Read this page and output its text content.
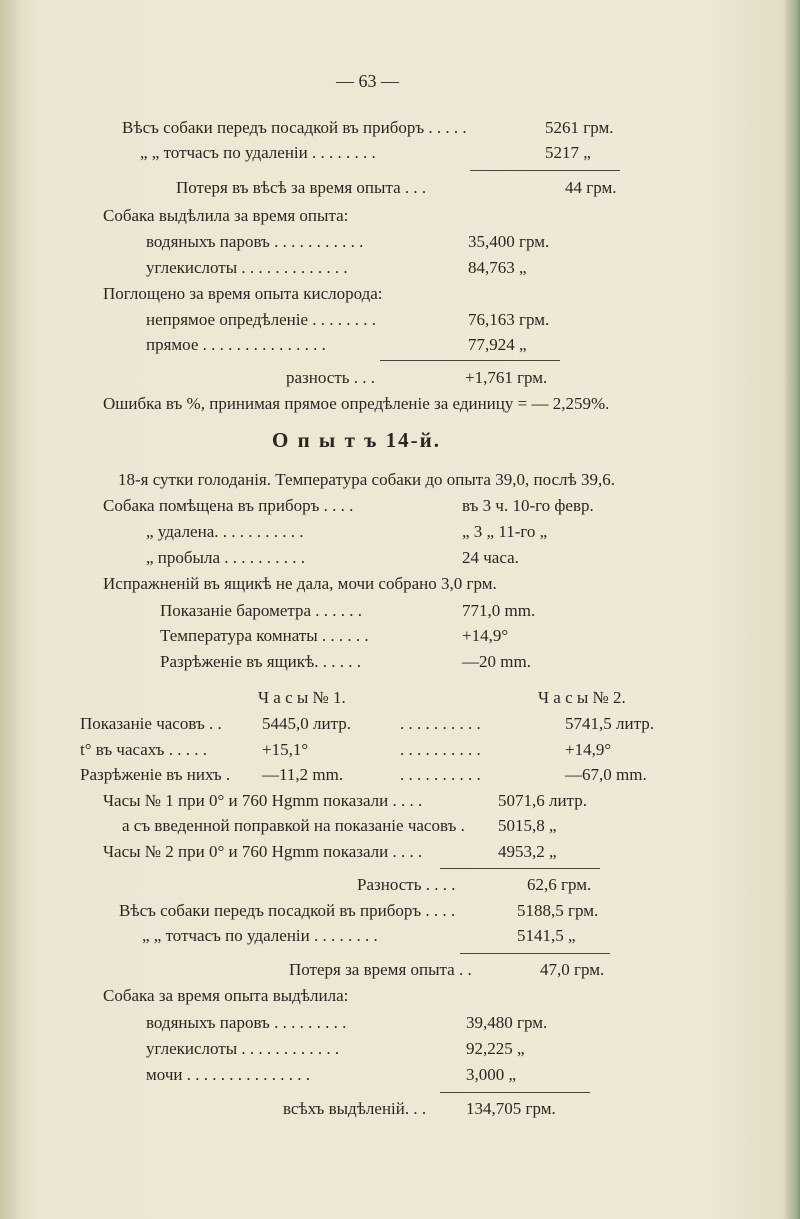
— 63 —
Вѣсъ собаки передъ посадкой въ приборъ . . . . .	5261 грм.
„ „ тотчасъ по удаленіи . . . . . . . .	5217 „
Потеря въ вѣсѣ за время опыта . . .	44 грм.
Собака выдѣлила за время опыта:
водяныхъ паровъ . . . . . . . . . . .	35,400 грм.
углекислоты . . . . . . . . . . . . .	84,763 „
Поглощено за время опыта кислорода:
непрямое опредѣленіе . . . . . . . .	76,163 грм.
прямое . . . . . . . . . . . . . . .	77,924 „
разность . . .	+1,761 грм.
Ошибка въ %, принимая прямое опредѣленіе за единицу = — 2,259%.
О п ы т ъ 14-й.
18-я сутки голоданія. Температура собаки до опыта 39,0, послѣ 39,6.
Собака помѣщена въ приборъ . . . .	въ 3 ч. 10-го февр.
„ удалена. . . . . . . . . . .	„ 3 „ 11-го „
„ пробыла . . . . . . . . . .	24 часа.
Испражненій въ ящикѣ не дала, мочи собрано 3,0 грм.
Показаніе барометра . . . . . .	771,0 mm.
Температура комнаты . . . . . .	+14,9°
Разрѣженіе въ ящикѣ. . . . . .	—20 mm.
Ч а с ы № 1.	Ч а с ы № 2.
Показаніе часовъ . . 5445,0 литр.	. . . . . . . . . .	5741,5 литр.
t° въ часахъ . . . . .	+15,1°	. . . . . . . . . .	+14,9°
Разрѣженіе въ нихъ . —11,2 mm.	. . . . . . . . . .	—67,0 mm.
Часы № 1 при 0° и 760 Hgmm показали . . . .	5071,6 литр.
а съ введенной поправкой на показаніе часовъ . 5015,8 „
Часы № 2 при 0° и 760 Hgmm показали . . . .	4953,2 „
Разность . . . .	62,6 грм.
Вѣсъ собаки передъ посадкой въ приборъ . . . .	5188,5 грм.
„ „ тотчасъ по удаленіи . . . . . . . .	5141,5 „
Потеря за время опыта . .	47,0 грм.
Собака за время опыта выдѣлила:
водяныхъ паровъ . . . . . . . . .	39,480 грм.
углекислоты . . . . . . . . . . . .	92,225 „
мочи . . . . . . . . . . . . . . .	3,000 „
всѣхъ выдѣленій. . . 134,705 грм.
